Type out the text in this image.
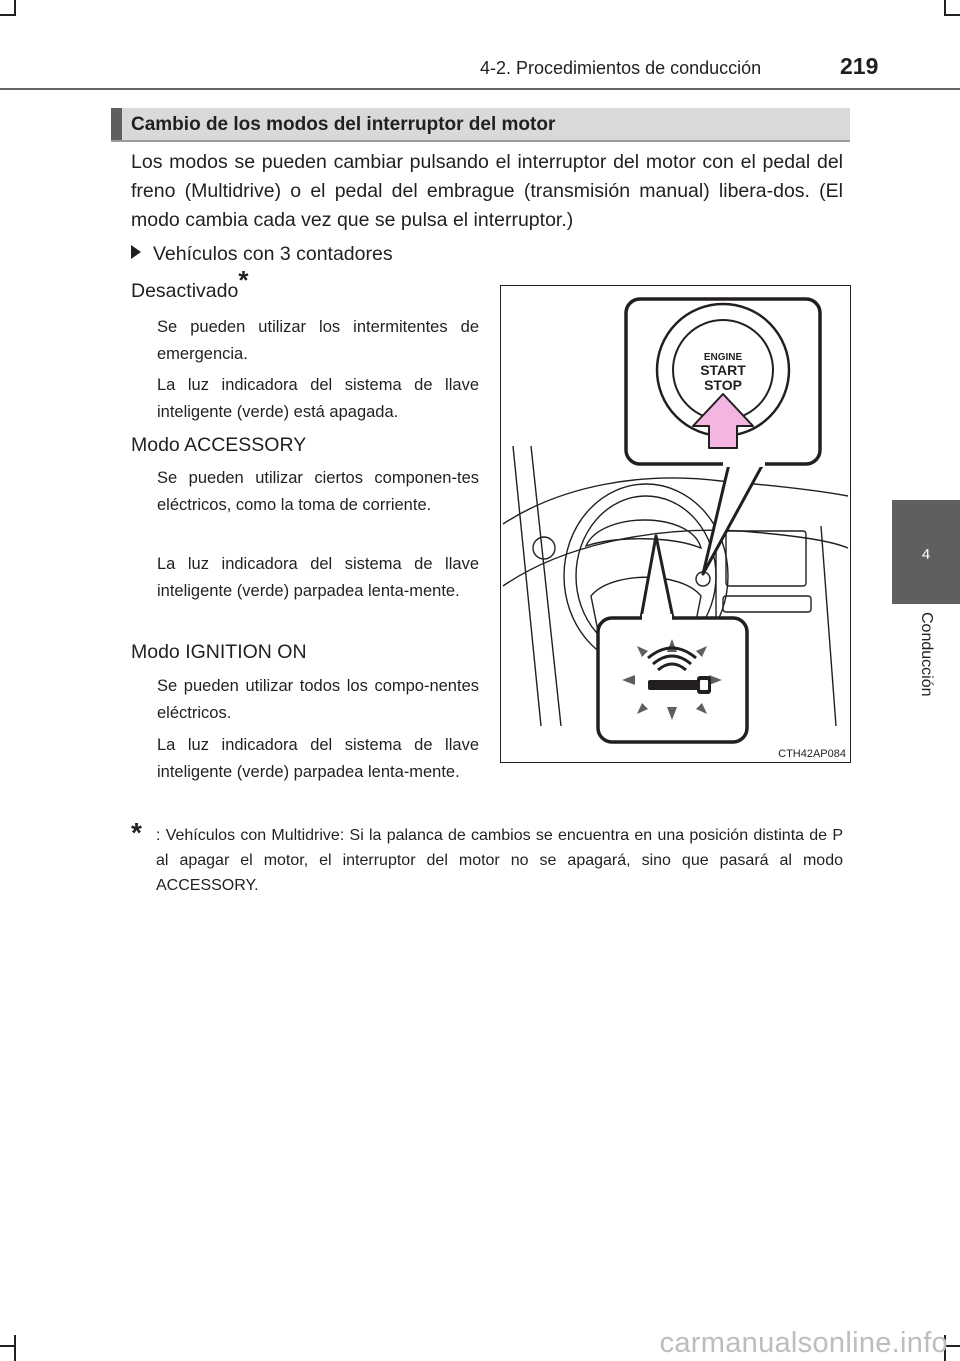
4-2. Procedimientos de conducción	219
4
Conducción
Cambio de los modos del interruptor del motor
Los modos se pueden cambiar pulsando el interruptor del motor con el pedal del freno (Multidrive) o el pedal del embrague (transmisión manual) libera-dos. (El modo cambia cada vez que se pulsa el interruptor.)
Vehículos con 3 contadores
Desactivado*
Se pueden utilizar los intermitentes de emergencia.
La luz indicadora del sistema de llave inteligente (verde) está apagada.
Modo ACCESSORY
Se pueden utilizar ciertos componen-tes eléctricos, como la toma de corriente.
La luz indicadora del sistema de llave inteligente (verde) parpadea lenta-mente.
Modo IGNITION ON
Se pueden utilizar todos los compo-nentes eléctricos.
La luz indicadora del sistema de llave inteligente (verde) parpadea lenta-mente.
ENGINE
START
STOP
CTH42AP084
* : Vehículos con Multidrive: Si la palanca de cambios se encuentra en una posición distinta de P al apagar el motor, el interruptor del motor no se apagará, sino que pasará al modo ACCESSORY.
carmanualsonline.info
